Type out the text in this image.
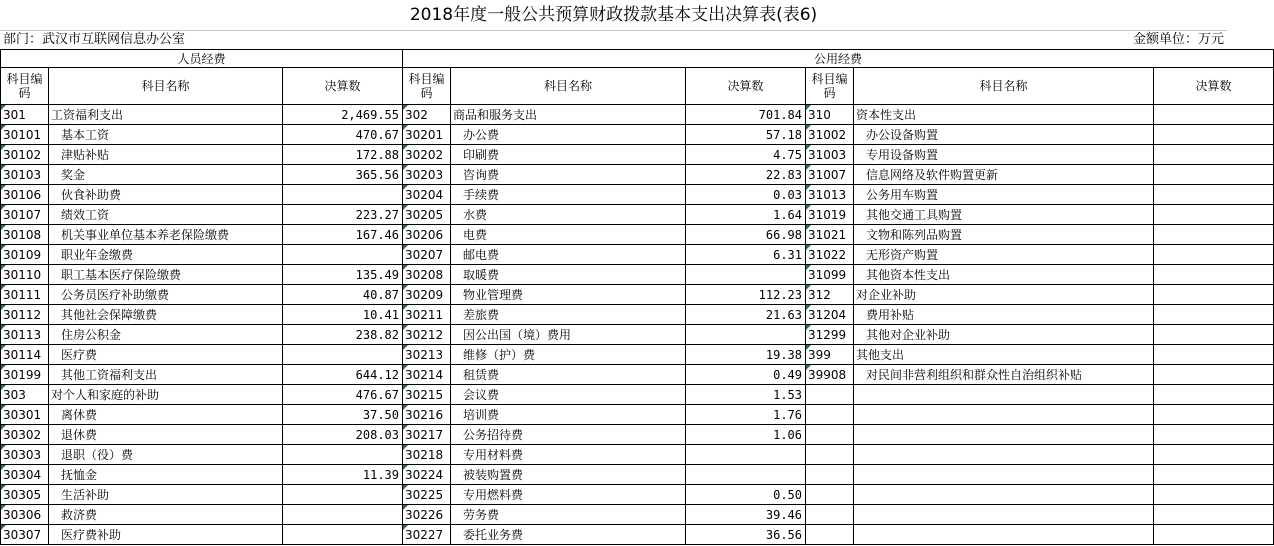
2018年度一般公共预算财政拨款基本支出决算表(表6)
部门：武汉市互联网信息办公室	金额单位：万元
人员经费			公用经费					
科目编码	科目名称	决算数	科目编码	科目名称	决算数	科目编码	科目名称	决算数
301	工资福利支出	2,469.55	302	商品和服务支出	701.84	310	资本性支出	
30101	基本工资	470.67	30201	办公费	57.18	31002	办公设备购置	
30102	津贴补贴	172.88	30202	印刷费	4.75	31003	专用设备购置	
30103	奖金	365.56	30203	咨询费	22.83	31007	信息网络及软件购置更新	
30106	伙食补助费		30204	手续费	0.03	31013	公务用车购置	
30107	绩效工资	223.27	30205	水费	1.64	31019	其他交通工具购置	
30108	机关事业单位基本养老保险缴费	167.46	30206	电费	66.98	31021	文物和陈列品购置	
30109	职业年金缴费		30207	邮电费	6.31	31022	无形资产购置	
30110	职工基本医疗保险缴费	135.49	30208	取暖费		31099	其他资本性支出	
30111	公务员医疗补助缴费	40.87	30209	物业管理费	112.23	312	对企业补助	
30112	其他社会保障缴费	10.41	30211	差旅费	21.63	31204	费用补贴	
30113	住房公积金	238.82	30212	因公出国（境）费用		31299	其他对企业补助	
30114	医疗费		30213	维修（护）费	19.38	399	其他支出	
30199	其他工资福利支出	644.12	30214	租赁费	0.49	39908	对民间非营利组织和群众性自治组织补贴	
303	对个人和家庭的补助	476.67	30215	会议费	1.53			
30301	离休费	37.50	30216	培训费	1.76			
30302	退休费	208.03	30217	公务招待费	1.06			
30303	退职（役）费		30218	专用材料费				
30304	抚恤金	11.39	30224	被装购置费				
30305	生活补助		30225	专用燃料费	0.50			
30306	救济费		30226	劳务费	39.46			
30307	医疗费补助		30227	委托业务费	36.56			
